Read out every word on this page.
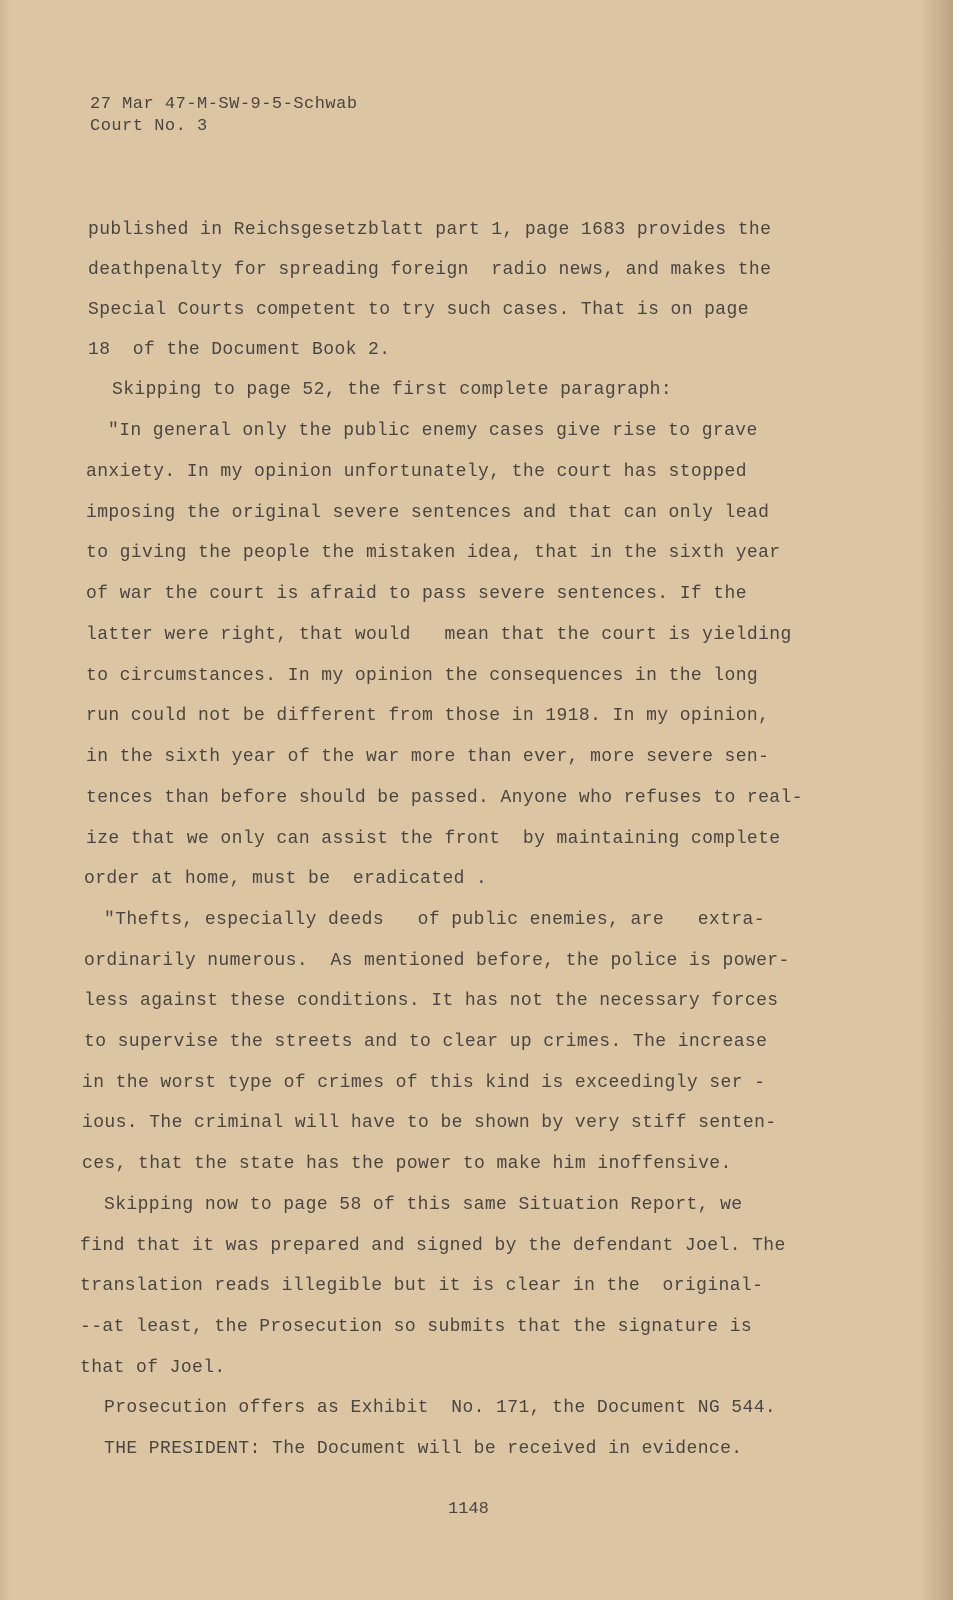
27 Mar 47-M-SW-9-5-Schwab
Court No. 3
published in Reichsgesetzblatt part 1, page 1683 provides the
deathpenalty for spreading foreign  radio news, and makes the
Special Courts competent to try such cases. That is on page
18  of the Document Book 2.
Skipping to page 52, the first complete paragraph:
"In general only the public enemy cases give rise to grave
anxiety. In my opinion unfortunately, the court has stopped
imposing the original severe sentences and that can only lead
to giving the people the mistaken idea, that in the sixth year
of war the court is afraid to pass severe sentences. If the
latter were right, that would   mean that the court is yielding
to circumstances. In my opinion the consequences in the long
run could not be different from those in 1918. In my opinion,
in the sixth year of the war more than ever, more severe sen-
tences than before should be passed. Anyone who refuses to real-
ize that we only can assist the front  by maintaining complete
order at home, must be  eradicated .
"Thefts, especially deeds   of public enemies, are   extra-
ordinarily numerous.  As mentioned before, the police is power-
less against these conditions. It has not the necessary forces
to supervise the streets and to clear up crimes. The increase
in the worst type of crimes of this kind is exceedingly ser -
ious. The criminal will have to be shown by very stiff senten-
ces, that the state has the power to make him inoffensive.
Skipping now to page 58 of this same Situation Report, we
find that it was prepared and signed by the defendant Joel. The
translation reads illegible but it is clear in the  original-
--at least, the Prosecution so submits that the signature is
that of Joel.
Prosecution offers as Exhibit  No. 171, the Document NG 544.
THE PRESIDENT: The Document will be received in evidence.
1148
